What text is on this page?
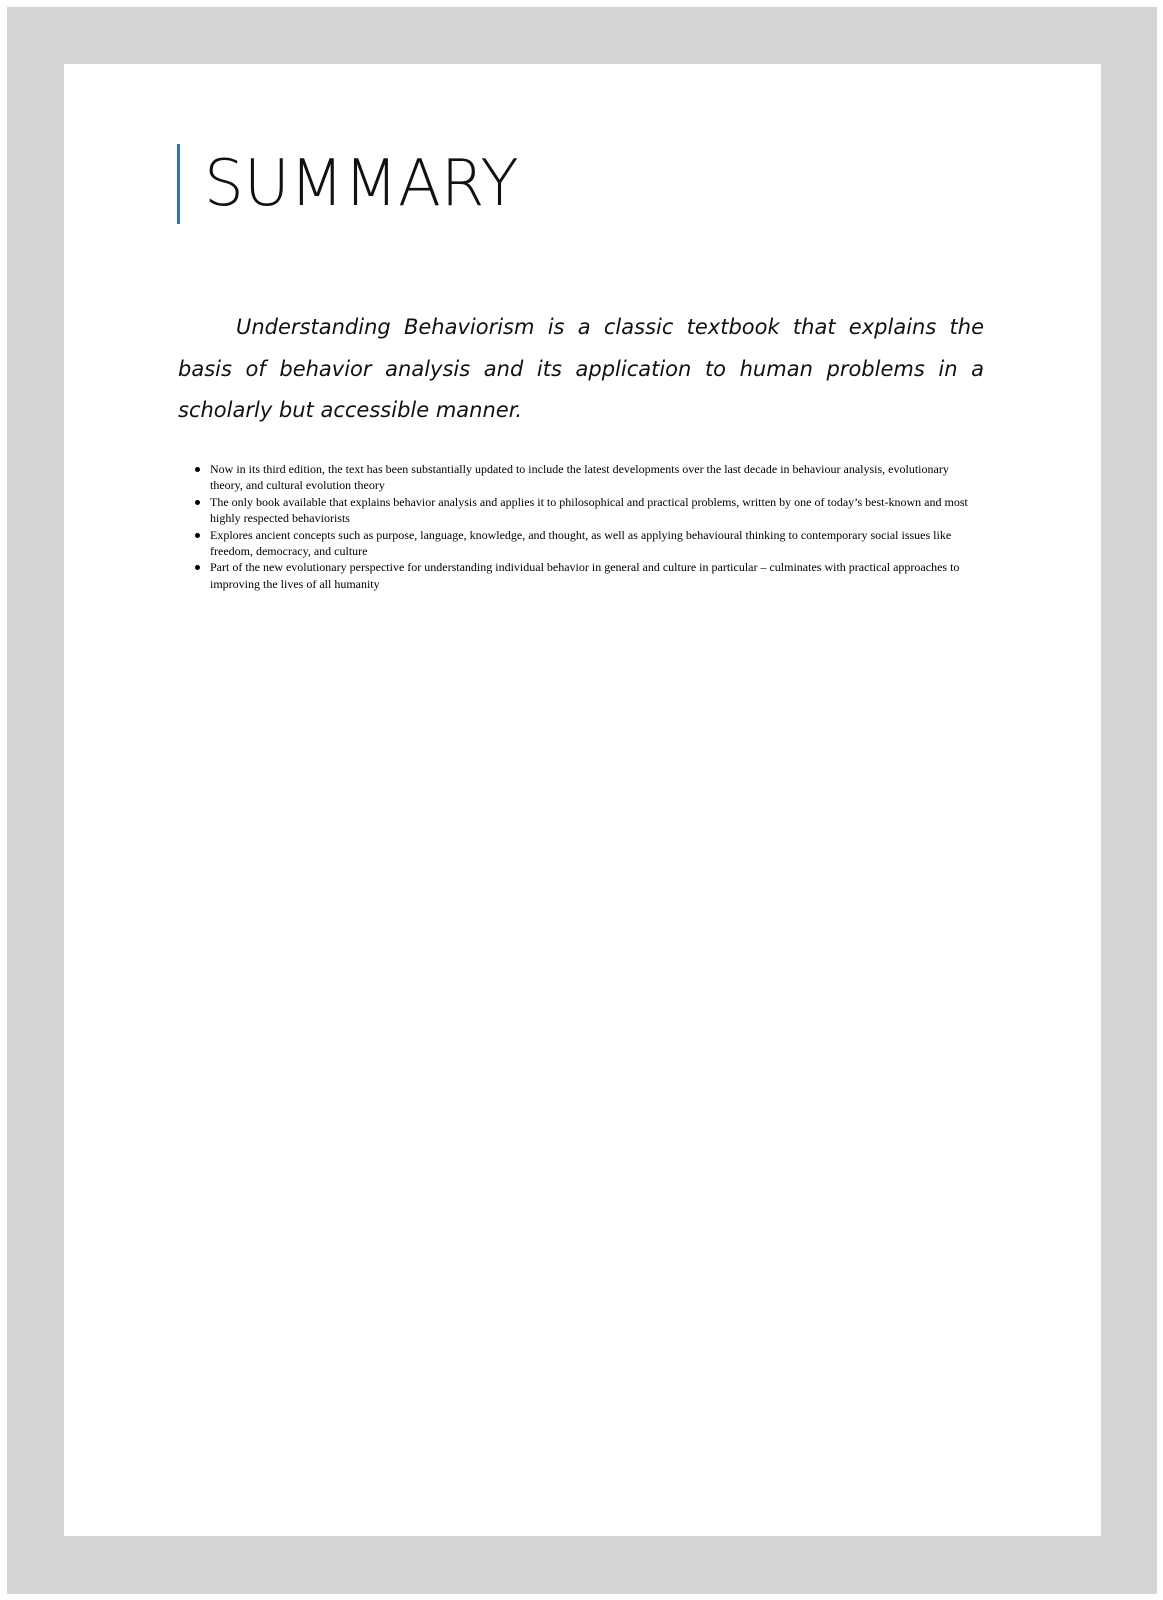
SUMMARY

Understanding Behaviorism is a classic textbook that explains the basis of behavior analysis and its application to human problems in a scholarly but accessible manner.

Now in its third edition, the text has been substantially updated to include the latest developments over the last decade in behaviour analysis, evolutionary theory, and cultural evolution theory
The only book available that explains behavior analysis and applies it to philosophical and practical problems, written by one of today’s best-known and most highly respected behaviorists
Explores ancient concepts such as purpose, language, knowledge, and thought, as well as applying behavioural thinking to contemporary social issues like freedom, democracy, and culture
Part of the new evolutionary perspective for understanding individual behavior in general and culture in particular – culminates with practical approaches to improving the lives of all humanity
